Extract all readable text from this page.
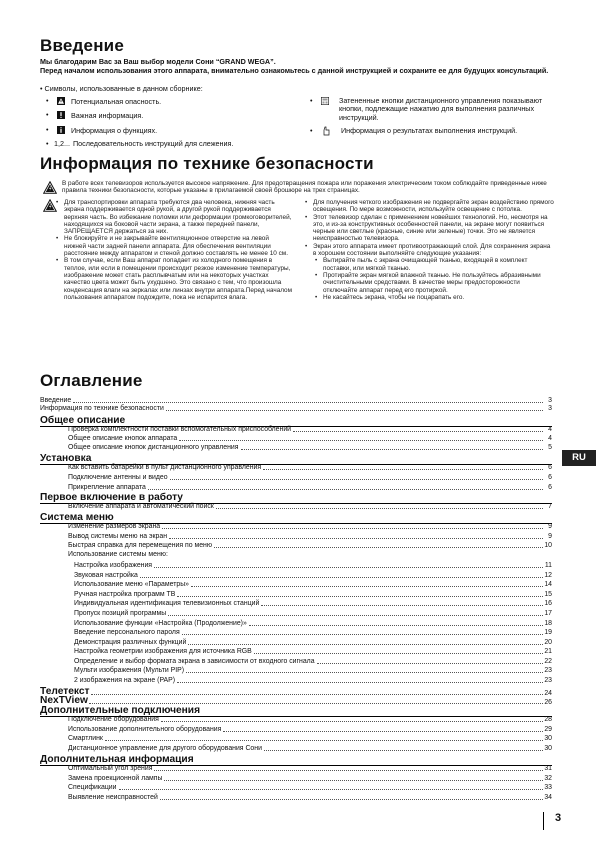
Введение
Мы благодарим Вас за Ваш выбор модели Сони “GRAND WEGA”.
Перед началом использования этого аппарата, внимательно ознакомьтесь с данной инструкцией и сохраните ее для будущих консультаций.
• Символы, использованные в данном сборнике:
• Потенциальная опасность.
• Важная информация.
• Информация о функциях.
• 1,2... Последовательность инструкций для слежения.
• Затененные кнопки дистанционного управления показывают кнопки, подлежащие нажатию для выполнения различных инструкций.
• Информация о результатах выполнения инструкций.
Информация по технике безопасности
В работе всех телевизоров используется высокое напряжение. Для предотвращения пожара или поражения электрическим током соблюдайте приведенные ниже правила техники безопасности, которые указаны в прилагаемой своей брошюре на трех страницах.
• Для транспортировки аппарата требуются два человека, нижняя часть экрана поддерживается одной рукой, а другой рукой поддерживается верхняя часть. Во избежание поломки или деформации громкоговорителей, находящихся на боковой части экрана, а также передней панели, ЗАПРЕЩАЕТСЯ держаться за них.
• Не блокируйте и не закрывайте вентиляционное отверстие на левой нижней части задней панели аппарата. Для обеспечения вентиляции расстояние между аппаратом и стеной должно составлять не менее 10 см.
• В том случае, если Ваш аппарат попадает из холодного помещения в теплое, или если в помещении происходит резкое изменение температуры, изображение может стать расплывчатым или на некоторых участках качество цвета может быть ухудшено. Это связано с тем, что произошла конденсация влаги на зеркалах или линзах внутри аппарата.Перед началом пользования аппаратом подождите, пока не испарится влага.
• Для получения четкого изображения не подвергайте экран воздействию прямого освещения. По мере возможности, используйте освещение с потолка.
• Этот телевизор сделан с применением новейших технологий. Но, несмотря на это, и из-за конструктивных особенностей панели, на экране могут появиться черные или светлые (красные, синие или зеленые) точки. Это не является неисправностью телевизора.
• Экран этого аппарата имеет противоотражающий слой. Для сохранения экрана в хорошем состоянии выполняйте следующие указания:
• Вытирайте пыль с экрана очищающей тканью, входящей в комплект поставки, или мягкой тканью.
• Протирайте экран мягкой влажной тканью. Не пользуйтесь абразивными очистительными средствами. В качестве меры предосторожности отключайте аппарат перед его протиркой.
• Не касайтесь экрана, чтобы не поцарапать его.
Оглавление
Введение	3
Информация по технике безопасности	3
Общее описание
Проверка комплектности поставки вспомогательных приспособлений	4
Общее описание кнопок аппарата	4
Общее описание кнопок дистанционного управления	5
Установка
Как вставить батарейки в пульт дистанционного управления	6
Подключение антенны и видео	6
Прикрепление аппарата	6
Первое включение в работу
Включение аппарата и автоматический поиск	7
Система меню
Изменение размеров экрана	9
Вывод системы меню на экран	9
Быстрая справка для перемещения по меню	10
Использование системы меню:
Настройка изображения	11
Звуковая настройка	12
Использование меню «Параметры»	14
Ручная настройка программ ТВ	15
Индивидуальная идентификация телевизионных станций	16
Пропуск позиций программы	17
Использование функции «Настройка (Продолжение)»	18
Введение персонального пароля	19
Демонстрация различных функций	20
Настройка геометрии изображения для источника RGB	21
Определение и выбор формата экрана в зависимости от входного сигнала	22
Мульти изображения (Мульти PIP)	23
2 изображения на экране (PAP)	23
Телетекст	24
NexTView	26
Дополнительные подключения
Подключение оборудования	28
Использование дополнительного оборудования	29
Смартлинк	30
Дистанционное управление для другого оборудования Сони	30
Дополнительная информация
Оптимальный угол зрения	31
Замена проекционной лампы	32
Спецификации	33
Выявление неисправностей	34
RU
3
